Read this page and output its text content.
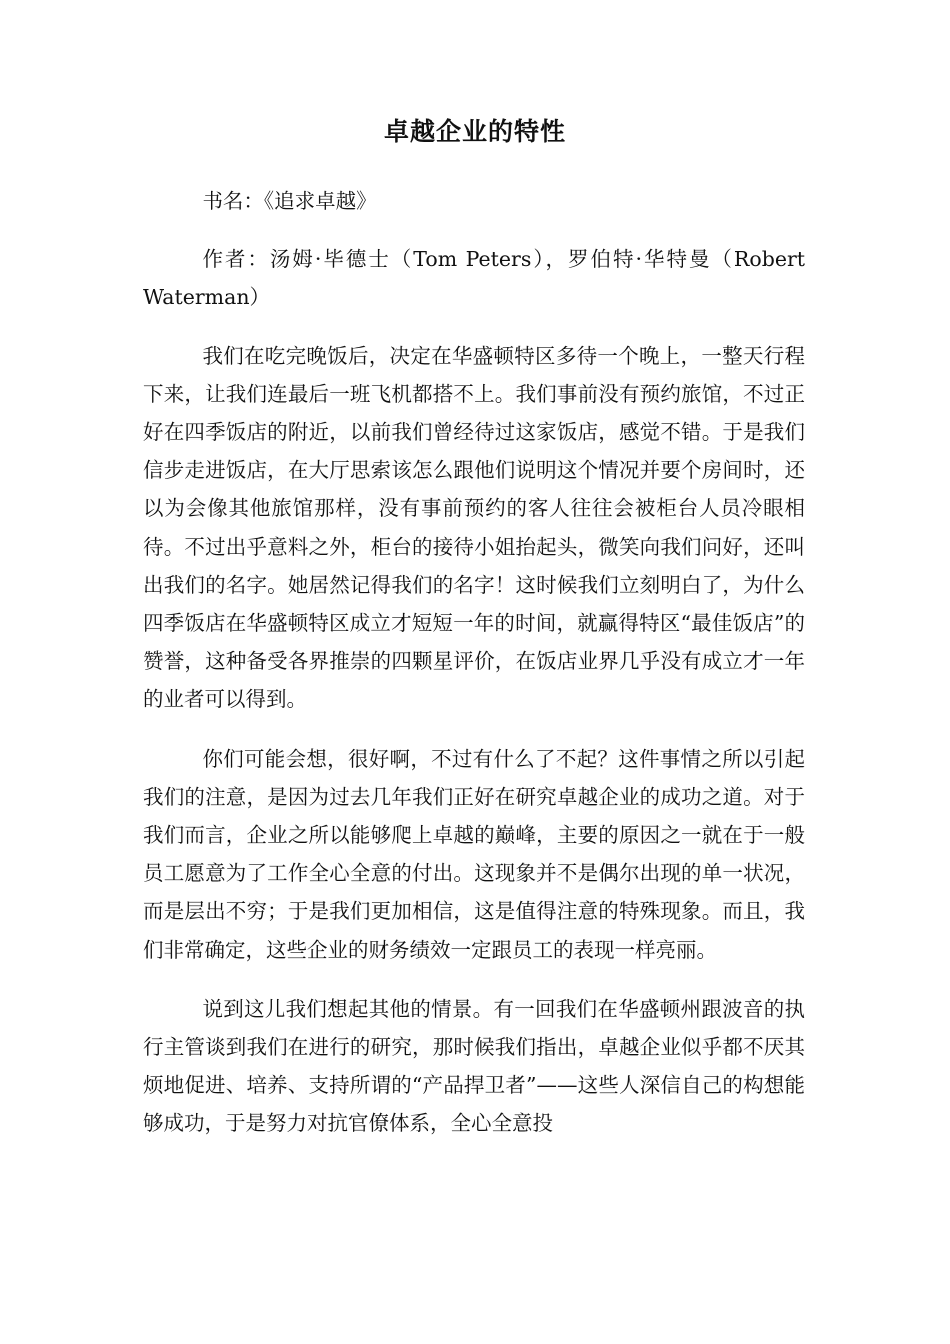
卓越企业的特性

书名：《追求卓越》

作者：汤姆·毕德士（Tom Peters），罗伯特·华特曼（Robert Waterman）

我们在吃完晚饭后，决定在华盛顿特区多待一个晚上，一整天行程下来，让我们连最后一班飞机都搭不上。我们事前没有预约旅馆，不过正好在四季饭店的附近，以前我们曾经待过这家饭店，感觉不错。于是我们信步走进饭店，在大厅思索该怎么跟他们说明这个情况并要个房间时，还以为会像其他旅馆那样，没有事前预约的客人往往会被柜台人员冷眼相待。不过出乎意料之外，柜台的接待小姐抬起头，微笑向我们问好，还叫出我们的名字。她居然记得我们的名字！这时候我们立刻明白了，为什么四季饭店在华盛顿特区成立才短短一年的时间，就赢得特区“最佳饭店”的赞誉，这种备受各界推崇的四颗星评价，在饭店业界几乎没有成立才一年的业者可以得到。

你们可能会想，很好啊，不过有什么了不起？这件事情之所以引起我们的注意，是因为过去几年我们正好在研究卓越企业的成功之道。对于我们而言，企业之所以能够爬上卓越的巅峰，主要的原因之一就在于一般员工愿意为了工作全心全意的付出。这现象并不是偶尔出现的单一状况，而是层出不穷；于是我们更加相信，这是值得注意的特殊现象。而且，我们非常确定，这些企业的财务绩效一定跟员工的表现一样亮丽。

说到这儿我们想起其他的情景。有一回我们在华盛顿州跟波音的执行主管谈到我们在进行的研究，那时候我们指出，卓越企业似乎都不厌其烦地促进、培养、支持所谓的“产品捍卫者”——这些人深信自己的构想能够成功，于是努力对抗官僚体系，全心全意投
